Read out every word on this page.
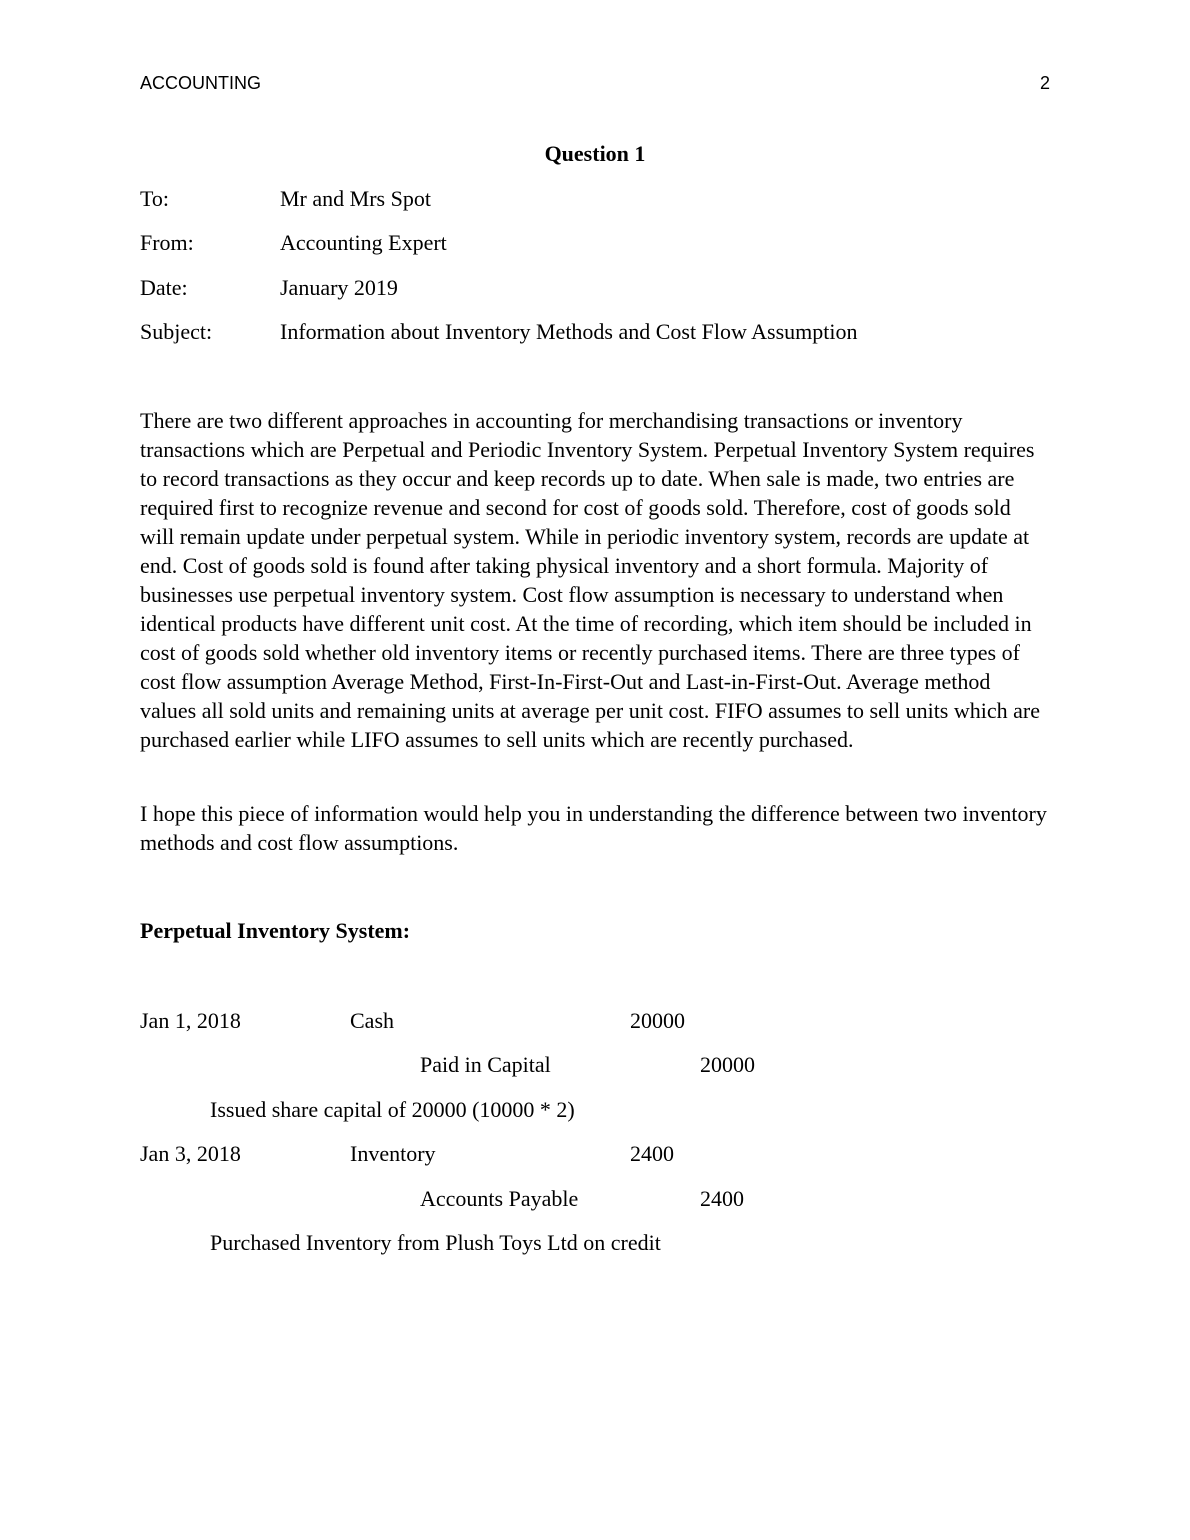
ACCOUNTING	2
Question 1
To:	Mr and Mrs Spot
From:	Accounting Expert
Date:	January 2019
Subject:	Information about Inventory Methods and Cost Flow Assumption

There are two different approaches in accounting for merchandising transactions or inventory transactions which are Perpetual and Periodic Inventory System. Perpetual Inventory System requires to record transactions as they occur and keep records up to date. When sale is made, two entries are required first to recognize revenue and second for cost of goods sold. Therefore, cost of goods sold will remain update under perpetual system. While in periodic inventory system, records are update at end. Cost of goods sold is found after taking physical inventory and a short formula. Majority of businesses use perpetual inventory system. Cost flow assumption is necessary to understand when identical products have different unit cost. At the time of recording, which item should be included in cost of goods sold whether old inventory items or recently purchased items. There are three types of cost flow assumption Average Method, First-In-First-Out and Last-in-First-Out. Average method values all sold units and remaining units at average per unit cost. FIFO assumes to sell units which are purchased earlier while LIFO assumes to sell units which are recently purchased.

I hope this piece of information would help you in understanding the difference between two inventory methods and cost flow assumptions.

Perpetual Inventory System:
Jan 1, 2018	Cash	20000
Paid in Capital	20000
Issued share capital of 20000 (10000 * 2)
Jan 3, 2018	Inventory	2400
Accounts Payable	2400
Purchased Inventory from Plush Toys Ltd on credit
